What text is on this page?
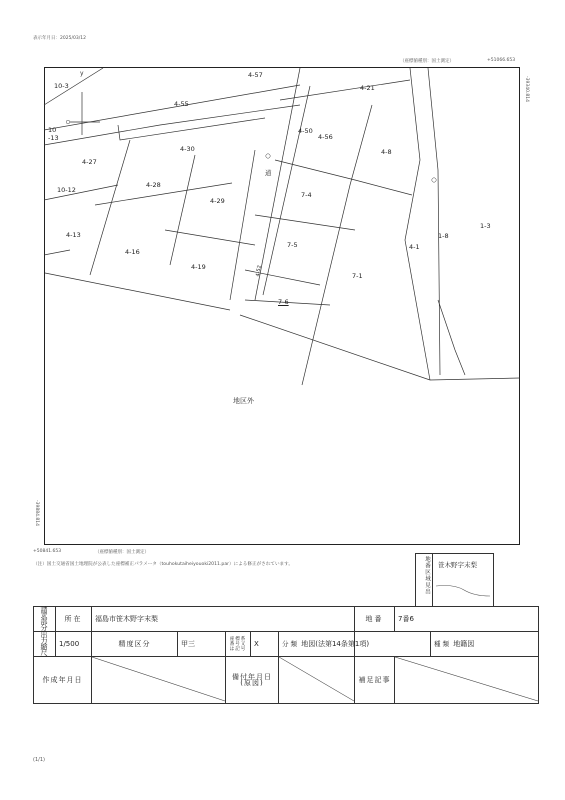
表示年月日：2025/03/12
（座標値種別：国土測定）	+51066.653
-39340.814
10-3
4-57
4-55
4-21
10
-13
4-50
4-56
4-30
4-27
4-8
道
4-28
10-12
4-29
7-4
1-3
4-13
4-16
1-8
7-5	4-1
4-19
7-1
4-52
7-6
y
地区外
-39884.814
+50841.653	（座標値種別：国土測定）
（注）国土交通省国土地理院が公表した座標補正パラメータ（touhokutaiheiyouoki2011.par）による修正がされています。	地番区域見出 笹木野字末梨
請求部分	所在	福島市笹木野字末梨					地番	7番6	
出力縮尺	1/500	精度区分	甲三	座標系番号又は記号	Ⅹ	分類 地図(法第14条第1項)			種類 地籍図
作成年月日				備付年月日(原図)			補足記事	
(1/1)
